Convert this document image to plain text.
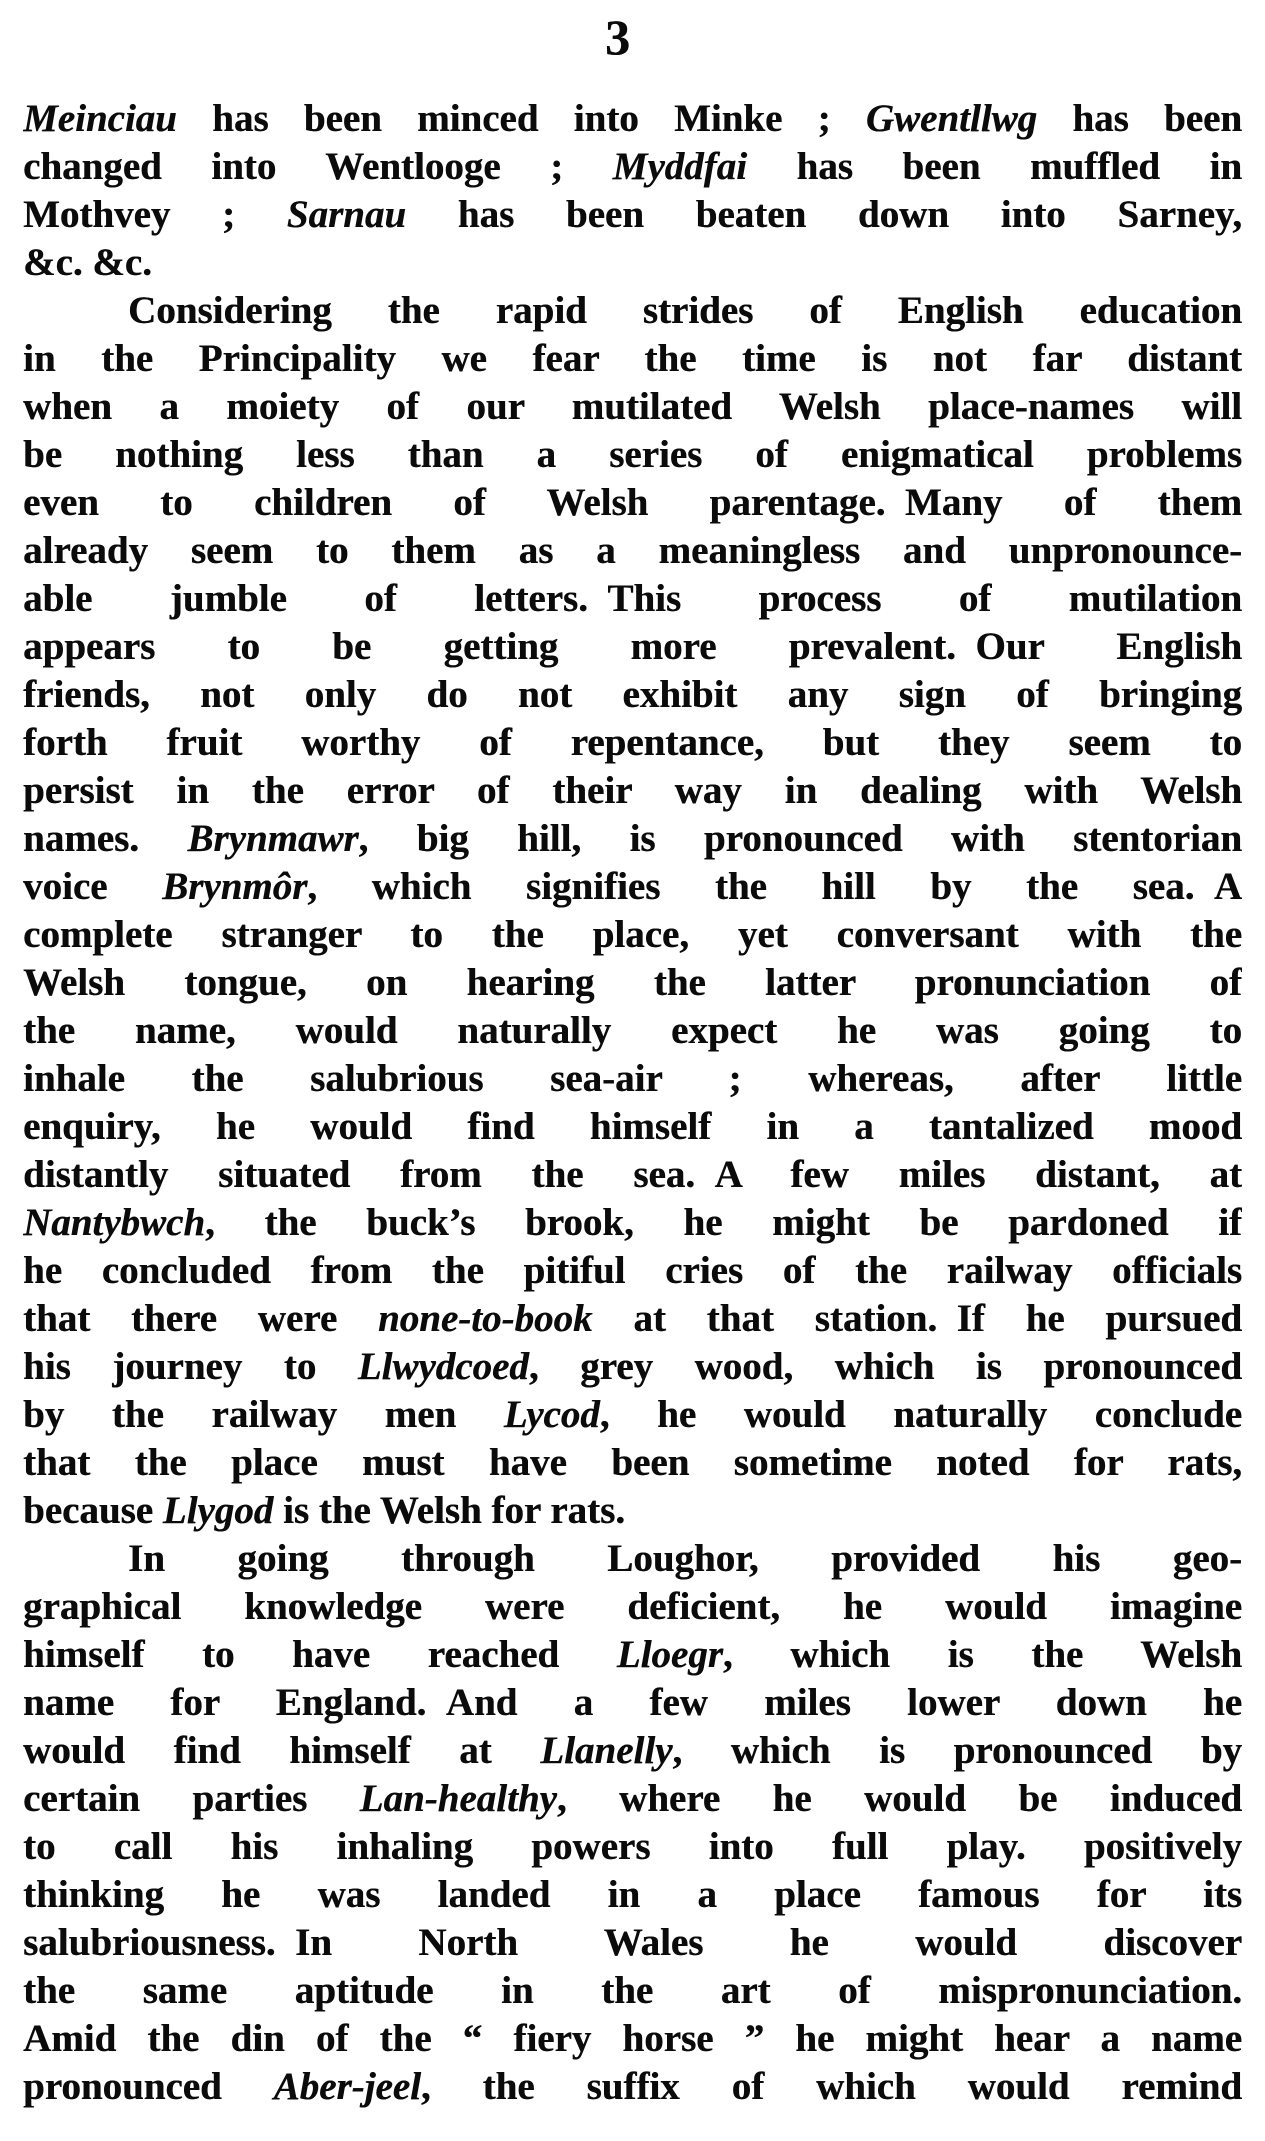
3
Meinciau has been minced into Minke ; Gwentllwg has been
changed into Wentlooge ; Myddfai has been muffled in
Mothvey ; Sarnau has been beaten down into Sarney,
&c. &c.
Considering the rapid strides of English education
in the Principality we fear the time is not far distant
when a moiety of our mutilated Welsh place-names will
be nothing less than a series of enigmatical problems
even to children of Welsh parentage. Many of them
already seem to them as a meaningless and unpronounce-
able jumble of letters. This process of mutilation
appears to be getting more prevalent. Our English
friends, not only do not exhibit any sign of bringing
forth fruit worthy of repentance, but they seem to
persist in the error of their way in dealing with Welsh
names. Brynmawr, big hill, is pronounced with stentorian
voice Brynmôr, which signifies the hill by the sea. A
complete stranger to the place, yet conversant with the
Welsh tongue, on hearing the latter pronunciation of
the name, would naturally expect he was going to
inhale the salubrious sea-air ; whereas, after little
enquiry, he would find himself in a tantalized mood
distantly situated from the sea. A few miles distant, at
Nantybwch, the buck’s brook, he might be pardoned if
he concluded from the pitiful cries of the railway officials
that there were none-to-book at that station. If he pursued
his journey to Llwydcoed, grey wood, which is pronounced
by the railway men Lycod, he would naturally conclude
that the place must have been sometime noted for rats,
because Llygod is the Welsh for rats.
In going through Loughor, provided his geo-
graphical knowledge were deficient, he would imagine
himself to have reached Lloegr, which is the Welsh
name for England. And a few miles lower down he
would find himself at Llanelly, which is pronounced by
certain parties Lan-healthy, where he would be induced
to call his inhaling powers into full play. positively
thinking he was landed in a place famous for its
salubriousness. In North Wales he would discover
the same aptitude in the art of mispronunciation.
Amid the din of the “ fiery horse ” he might hear a name
pronounced Aber-jeel, the suffix of which would remind
